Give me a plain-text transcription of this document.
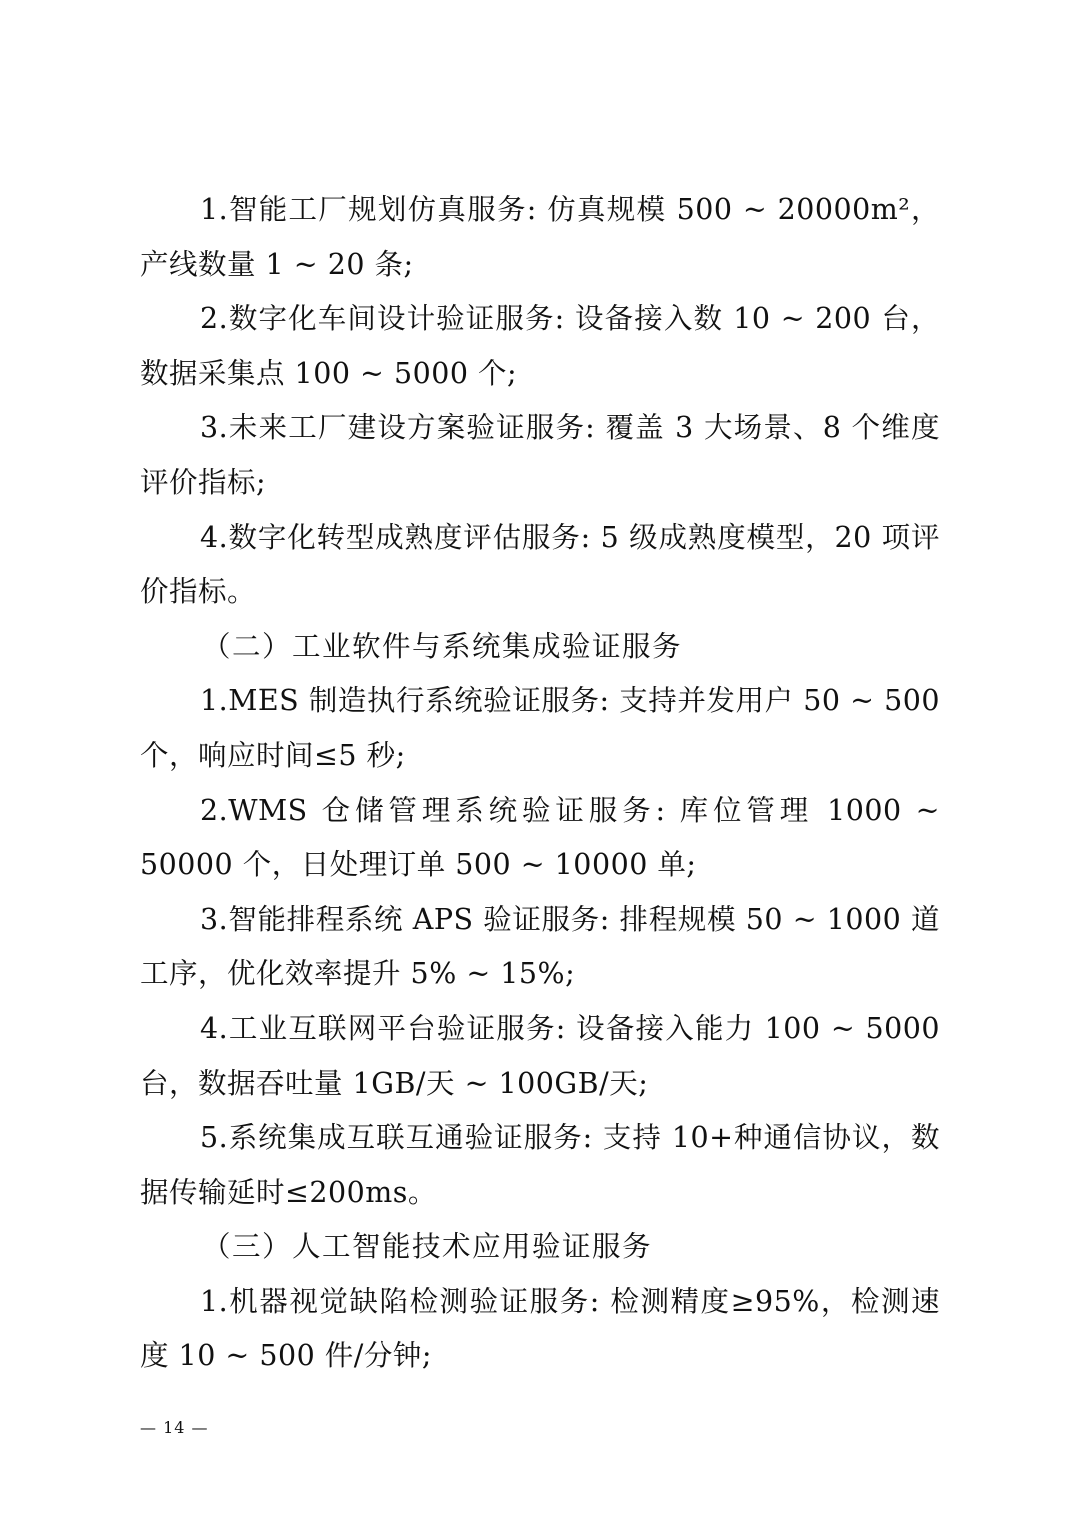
1.智能工厂规划仿真服务: 仿真规模 500 ~ 20000m²，产线数量 1 ~ 20 条;

2.数字化车间设计验证服务: 设备接入数 10 ~ 200 台，数据采集点 100 ~ 5000 个;

3.未来工厂建设方案验证服务: 覆盖 3 大场景、8 个维度评价指标;

4.数字化转型成熟度评估服务: 5 级成熟度模型，20 项评价指标。

（二）工业软件与系统集成验证服务

1.MES 制造执行系统验证服务: 支持并发用户 50 ~ 500 个，响应时间≤5 秒;

2.WMS 仓储管理系统验证服务: 库位管理 1000 ~ 50000 个，日处理订单 500 ~ 10000 单;

3.智能排程系统 APS 验证服务: 排程规模 50 ~ 1000 道工序，优化效率提升 5% ~ 15%;

4.工业互联网平台验证服务: 设备接入能力 100 ~ 5000 台，数据吞吐量 1GB/天 ~ 100GB/天;

5.系统集成互联互通验证服务: 支持 10+种通信协议，数据传输延时≤200ms。

（三）人工智能技术应用验证服务

1.机器视觉缺陷检测验证服务: 检测精度≥95%，检测速度 10 ~ 500 件/分钟;

— 14 —
